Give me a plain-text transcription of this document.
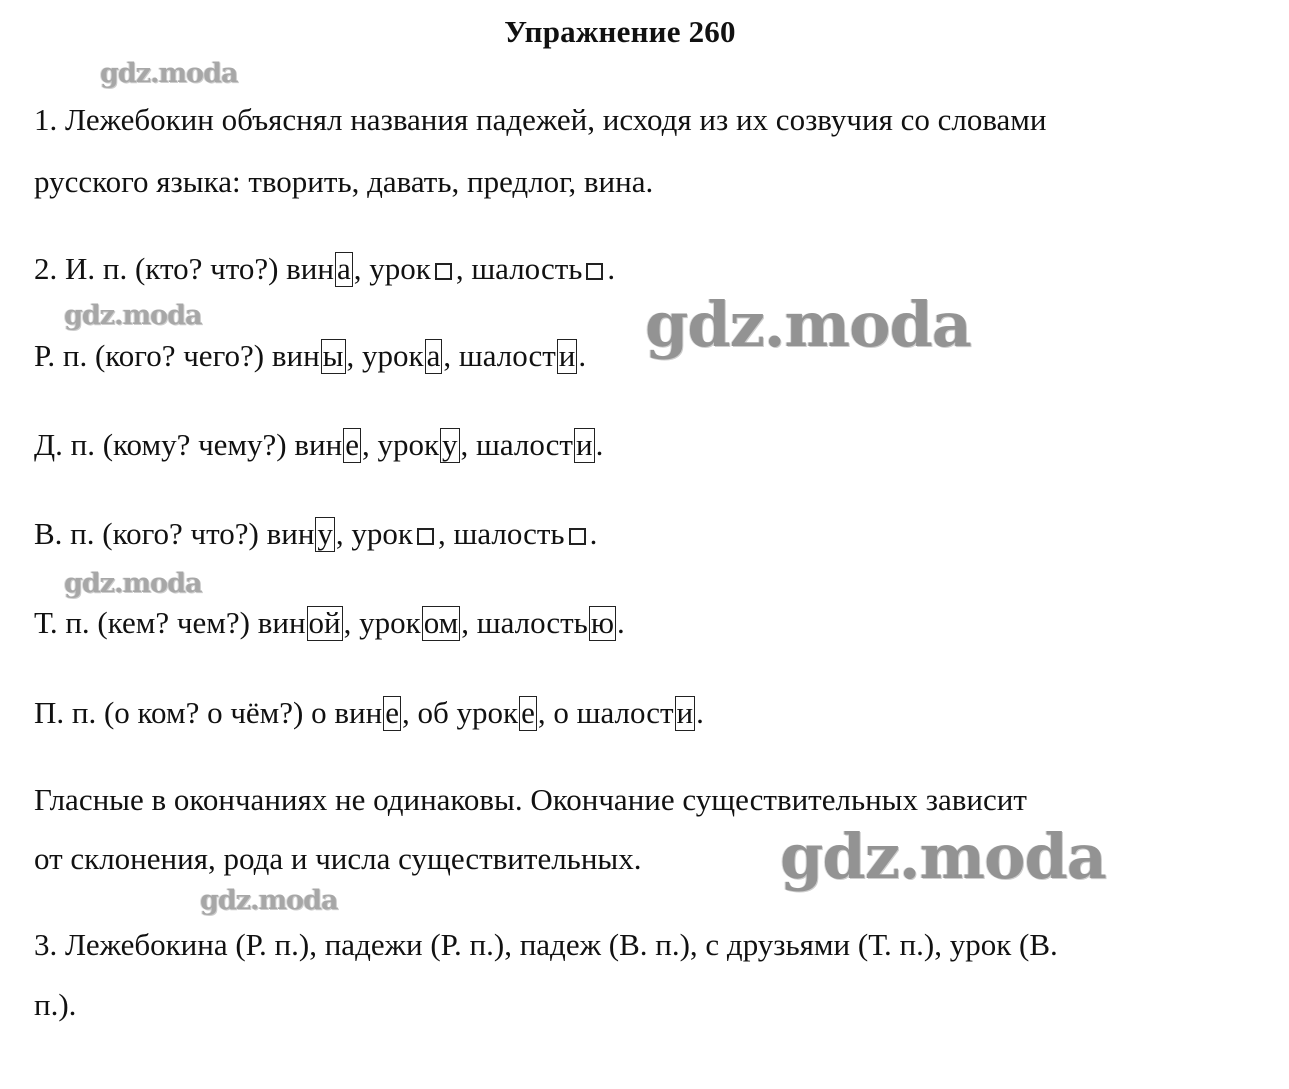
Упражнение 260
1. Лежебокин объяснял названия падежей, исходя из их созвучия со словами
русского языка: творить, давать, предлог, вина.
2. И. п. (кто? что?) вина, урок , шалость .
Р. п. (кого? чего?) вины, урока, шалости.
Д. п. (кому? чему?) вине, уроку, шалости.
В. п. (кого? что?) вину, урок , шалость .
Т. п. (кем? чем?) виной, уроком, шалостью.
П. п. (о ком? о чём?) о вине, об уроке, о шалости.
Гласные в окончаниях не одинаковы. Окончание существительных зависит
от склонения, рода и числа существительных.
3. Лежебокина (Р. п.), падежи (Р. п.), падеж (В. п.), с друзьями (Т. п.), урок (В.
п.).
gdz.moda
gdz.moda	gdz.moda
gdz.moda
gdz.moda
gdz.moda
